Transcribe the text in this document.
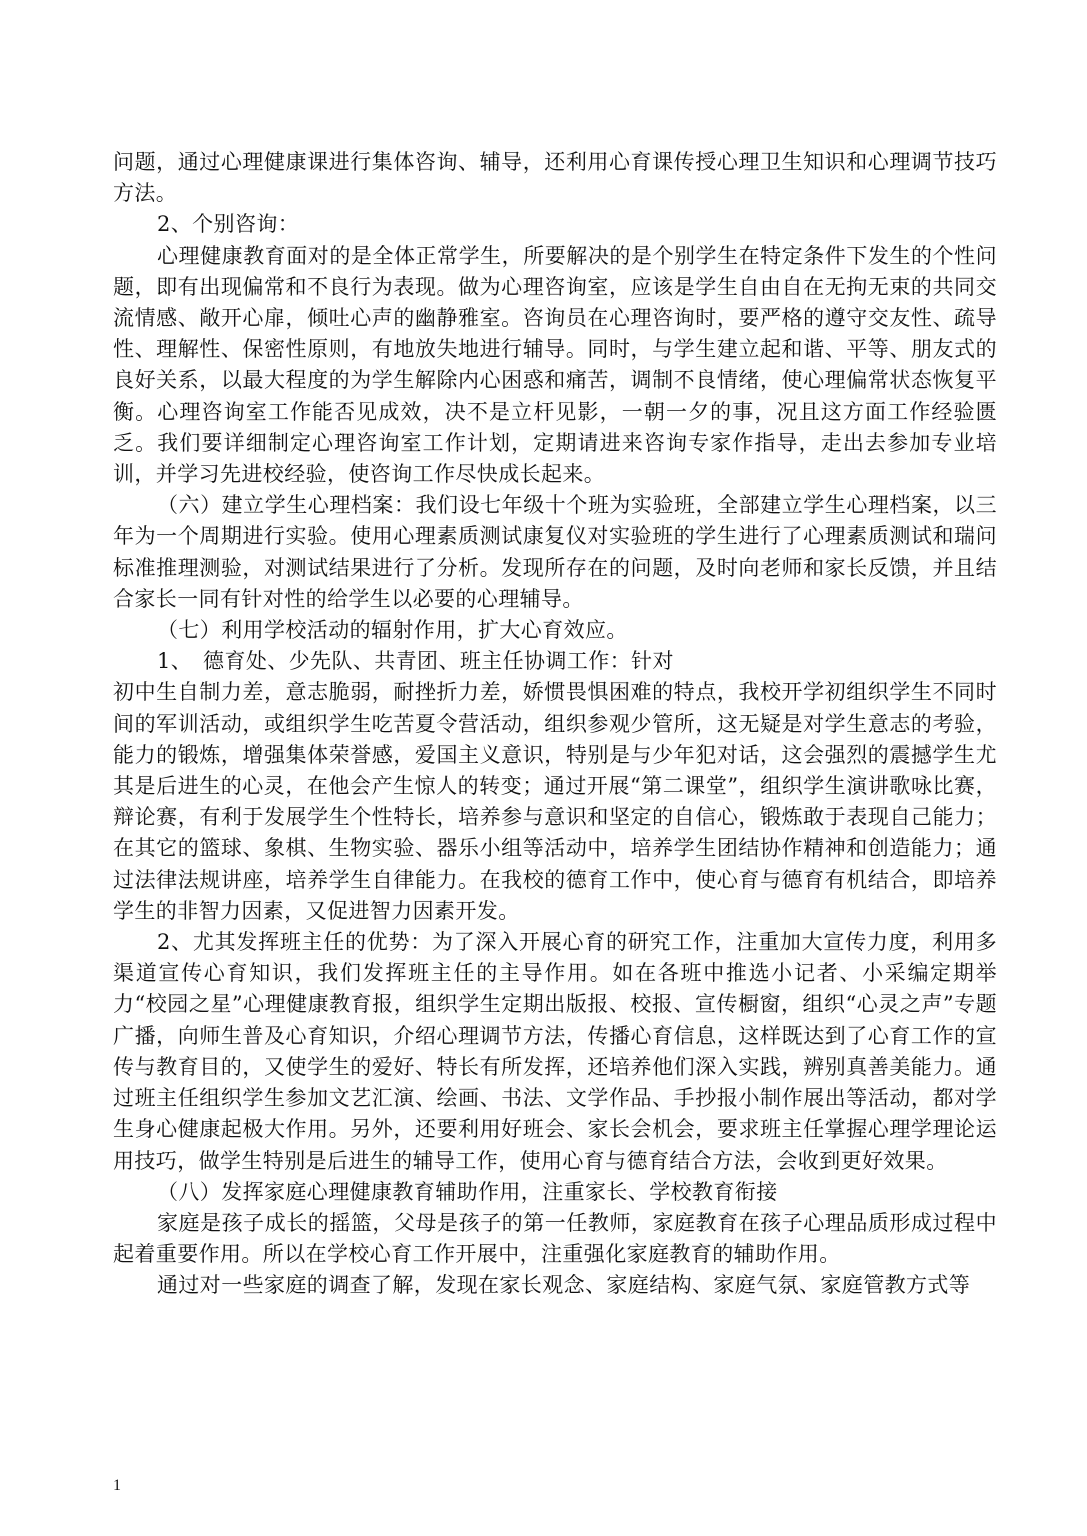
问题，通过心理健康课进行集体咨询、辅导，还利用心育课传授心理卫生知识和心理调节技巧方法。

2、个别咨询：

心理健康教育面对的是全体正常学生，所要解决的是个别学生在特定条件下发生的个性问题，即有出现偏常和不良行为表现。做为心理咨询室，应该是学生自由自在无拘无束的共同交流情感、敞开心扉，倾吐心声的幽静雅室。咨询员在心理咨询时，要严格的遵守交友性、疏导性、理解性、保密性原则，有地放失地进行辅导。同时，与学生建立起和谐、平等、朋友式的良好关系，以最大程度的为学生解除内心困惑和痛苦，调制不良情绪，使心理偏常状态恢复平衡。心理咨询室工作能否见成效，决不是立杆见影，一朝一夕的事，况且这方面工作经验匮乏。我们要详细制定心理咨询室工作计划，定期请进来咨询专家作指导，走出去参加专业培训，并学习先进校经验，使咨询工作尽快成长起来。

（六）建立学生心理档案：我们设七年级十个班为实验班，全部建立学生心理档案，以三年为一个周期进行实验。使用心理素质测试康复仪对实验班的学生进行了心理素质测试和瑞问标准推理测验，对测试结果进行了分析。发现所存在的问题，及时向老师和家长反馈，并且结合家长一同有针对性的给学生以必要的心理辅导。

（七）利用学校活动的辐射作用，扩大心育效应。

1、　德育处、少先队、共青团、班主任协调工作：针对

初中生自制力差，意志脆弱，耐挫折力差，娇惯畏惧困难的特点，我校开学初组织学生不同时间的军训活动，或组织学生吃苦夏令营活动，组织参观少管所，这无疑是对学生意志的考验，能力的锻炼，增强集体荣誉感，爱国主义意识，特别是与少年犯对话，这会强烈的震撼学生尤其是后进生的心灵，在他会产生惊人的转变；通过开展“第二课堂”，组织学生演讲歌咏比赛，辩论赛，有利于发展学生个性特长，培养参与意识和坚定的自信心，锻炼敢于表现自己能力；在其它的篮球、象棋、生物实验、器乐小组等活动中，培养学生团结协作精神和创造能力；通过法律法规讲座，培养学生自律能力。在我校的德育工作中，使心育与德育有机结合，即培养学生的非智力因素，又促进智力因素开发。

2、尤其发挥班主任的优势：为了深入开展心育的研究工作，注重加大宣传力度，利用多渠道宣传心育知识，我们发挥班主任的主导作用。如在各班中推选小记者、小采编定期举力“校园之星”心理健康教育报，组织学生定期出版报、校报、宣传橱窗，组织“心灵之声”专题广播，向师生普及心育知识，介绍心理调节方法，传播心育信息，这样既达到了心育工作的宣传与教育目的，又使学生的爱好、特长有所发挥，还培养他们深入实践，辨别真善美能力。通过班主任组织学生参加文艺汇演、绘画、书法、文学作品、手抄报小制作展出等活动，都对学生身心健康起极大作用。另外，还要利用好班会、家长会机会，要求班主任掌握心理学理论运用技巧，做学生特别是后进生的辅导工作，使用心育与德育结合方法，会收到更好效果。

（八）发挥家庭心理健康教育辅助作用，注重家长、学校教育衔接

家庭是孩子成长的摇篮，父母是孩子的第一任教师，家庭教育在孩子心理品质形成过程中起着重要作用。所以在学校心育工作开展中，注重强化家庭教育的辅助作用。

通过对一些家庭的调查了解，发现在家长观念、家庭结构、家庭气氛、家庭管教方式等

1
